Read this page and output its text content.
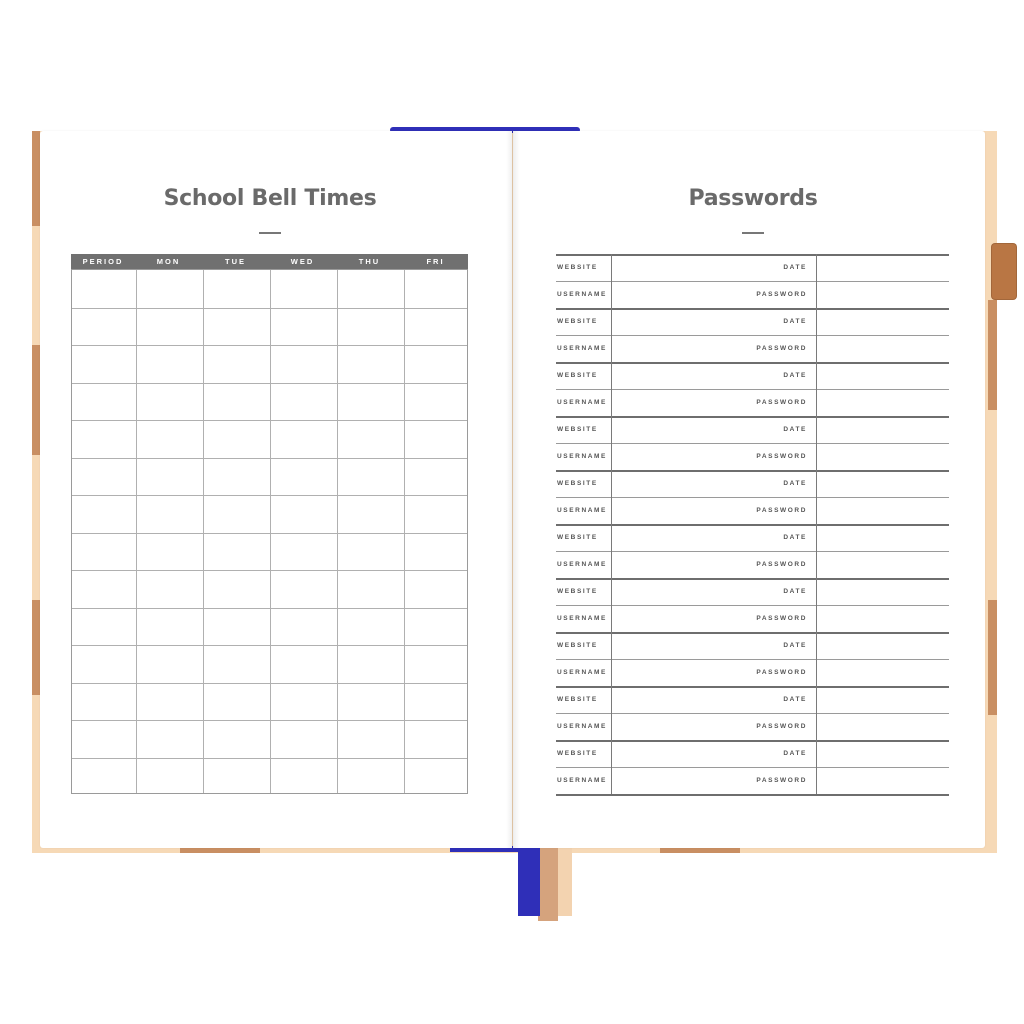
School Bell Times
PERIOD	MON	TUE	WED	THU	FRI
Passwords
WEBSITE	DATE
USERNAME	PASSWORD
WEBSITE	DATE
USERNAME	PASSWORD
WEBSITE	DATE
USERNAME	PASSWORD
WEBSITE	DATE
USERNAME	PASSWORD
WEBSITE	DATE
USERNAME	PASSWORD
WEBSITE	DATE
USERNAME	PASSWORD
WEBSITE	DATE
USERNAME	PASSWORD
WEBSITE	DATE
USERNAME	PASSWORD
WEBSITE	DATE
USERNAME	PASSWORD
WEBSITE	DATE
USERNAME	PASSWORD
